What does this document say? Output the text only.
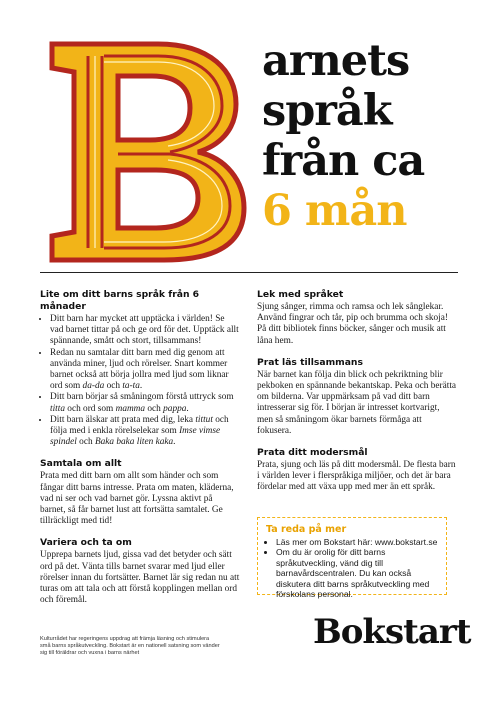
arnets
språk
från ca
6 mån
Lite om ditt barns språk från 6 månader
• Ditt barn har mycket att upptäcka i världen! Se vad barnet tittar på och ge ord för det. Upptäck allt spännande, smått och stort, tillsammans!
• Redan nu samtalar ditt barn med dig genom att använda miner, ljud och rörelser. Snart kommer barnet också att börja jollra med ljud som liknar ord som da-da och ta-ta.
• Ditt barn börjar så småningom förstå uttryck som titta och ord som mamma och pappa.
• Ditt barn älskar att prata med dig, leka tittut och följa med i enkla rörelselekar som Imse vimse spindel och Baka baka liten kaka.
Samtala om allt

Prata med ditt barn om allt som händer och som fångar ditt barns intresse. Prata om maten, kläderna, vad ni ser och vad barnet gör. Lyssna aktivt på barnet, så får barnet lust att fortsätta samtalet. Ge tillräckligt med tid!

Variera och ta om

Upprepa barnets ljud, gissa vad det betyder och sätt ord på det. Vänta tills barnet svarar med ljud eller rörelser innan du fortsätter. Barnet lär sig redan nu att turas om att tala och att förstå kopplingen mellan ord och föremål.

Lek med språket

Sjung sånger, rimma och ramsa och lek sånglekar. Använd fingrar och tår, pip och brumma och skoja! På ditt bibliotek finns böcker, sånger och musik att låna hem.

Prat läs tillsammans

När barnet kan följa din blick och pekriktning blir pekboken en spännande bekantskap. Peka och berätta om bilderna. Var uppmärksam på vad ditt barn intresserar sig för. I början är intresset kortvarigt, men så småningom ökar barnets förmåga att fokusera.

Prata ditt modersmål

Prata, sjung och läs på ditt modersmål. De flesta barn i världen lever i flerspråkiga miljöer, och det är bara fördelar med att växa upp med mer än ett språk.

Ta reda på mer
• Läs mer om Bokstart här: www.bokstart.se
• Om du är orolig för ditt barns språkutveckling, vänd dig till barnavårdscentralen. Du kan också diskutera ditt barns språkutveckling med förskolans personal.
Kulturrådet har regeringens uppdrag att främja läsning och stimulera små barns språkutveckling. Bokstart är en nationell satsning som vänder sig till föräldrar och vuxna i barns närhet
Bokstart
